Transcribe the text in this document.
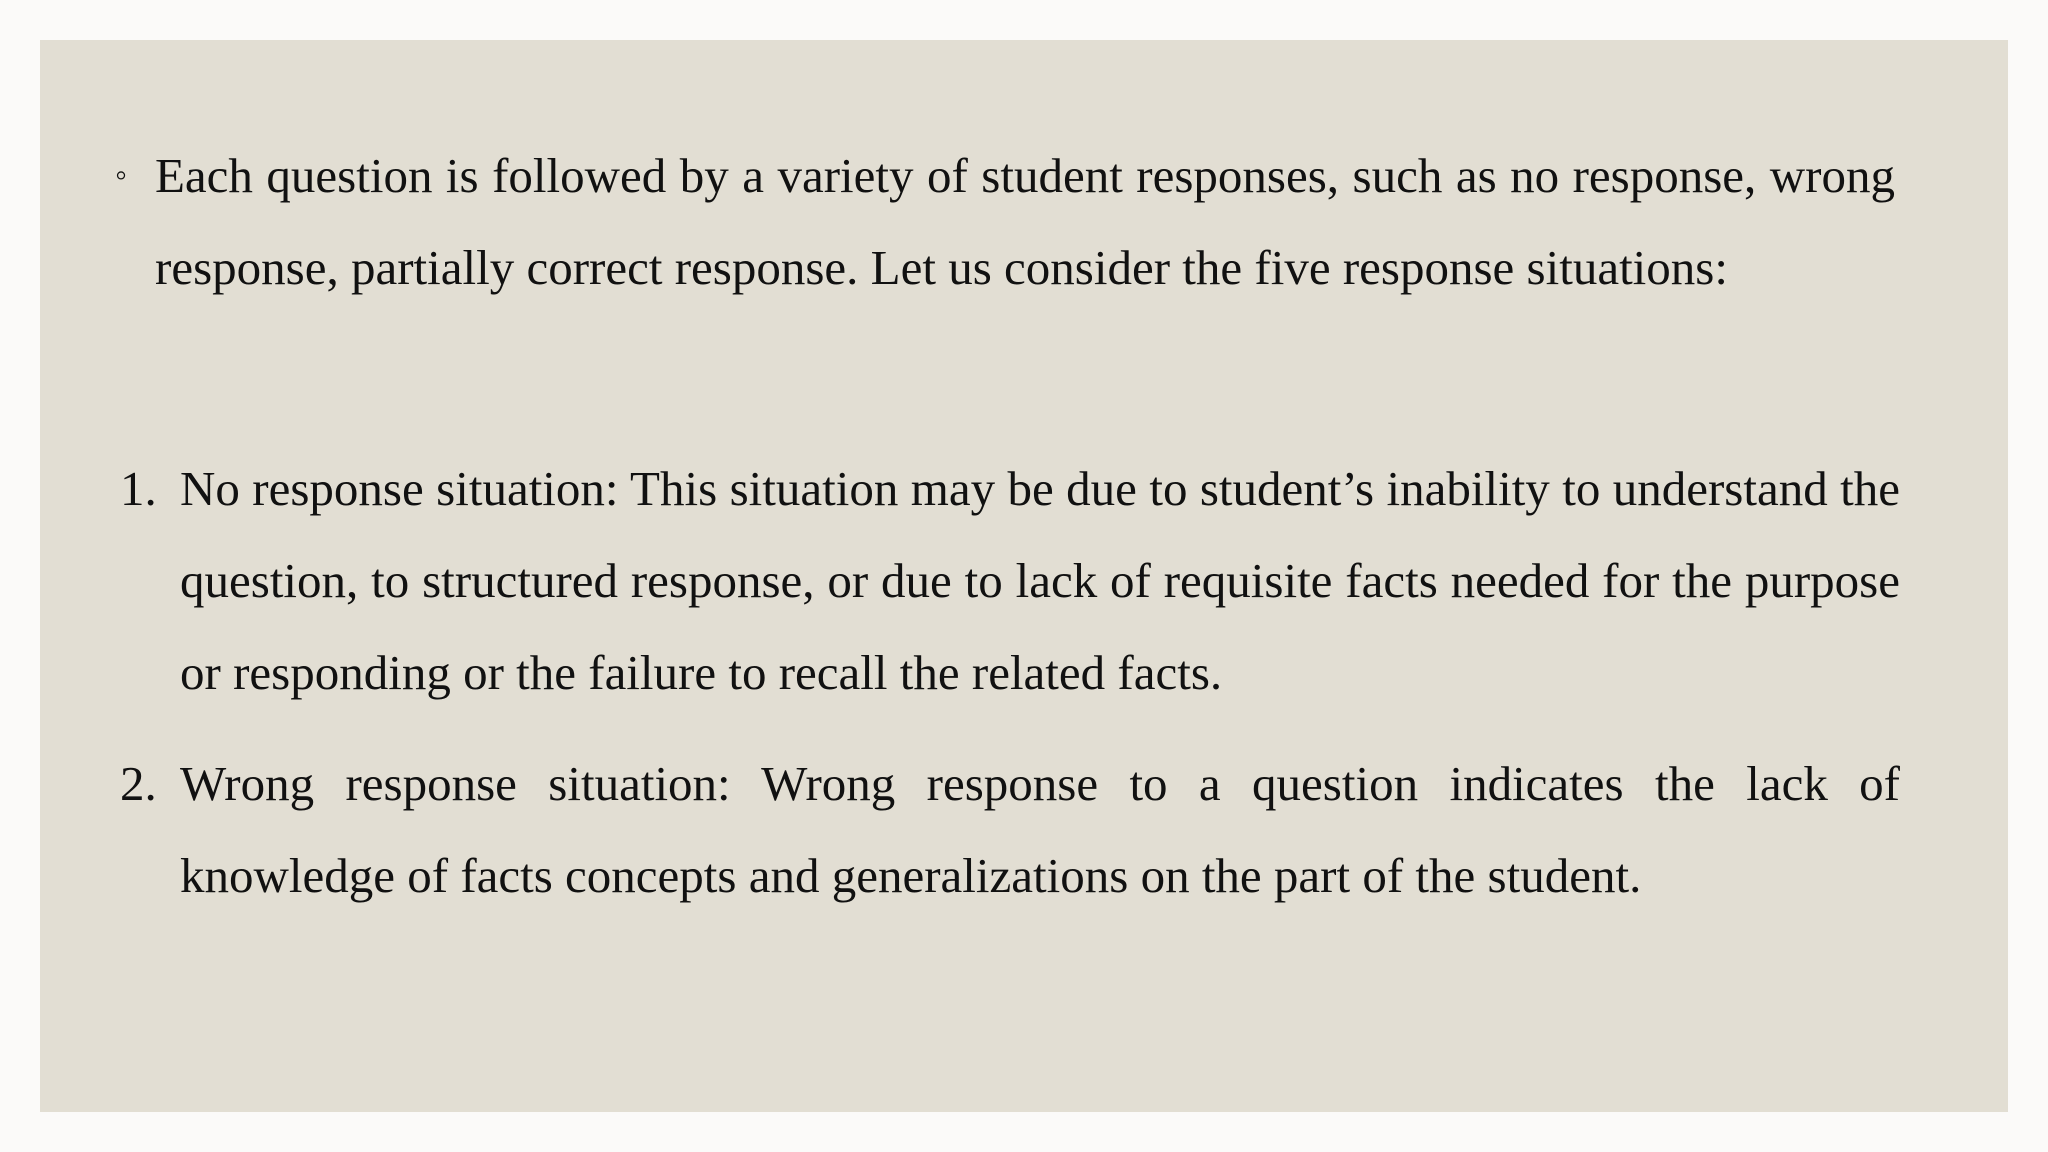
◦ Each question is followed by a variety of student responses, such as no response, wrong response, partially correct response. Let us consider the five response situations:
1. No response situation: This situation may be due to student’s inability to understand the question, to structured response, or due to lack of requisite facts needed for the purpose or responding or the failure to recall the related facts.
2. Wrong response situation: Wrong response to a question indicates the lack of knowledge of facts concepts and generalizations on the part of the student.
